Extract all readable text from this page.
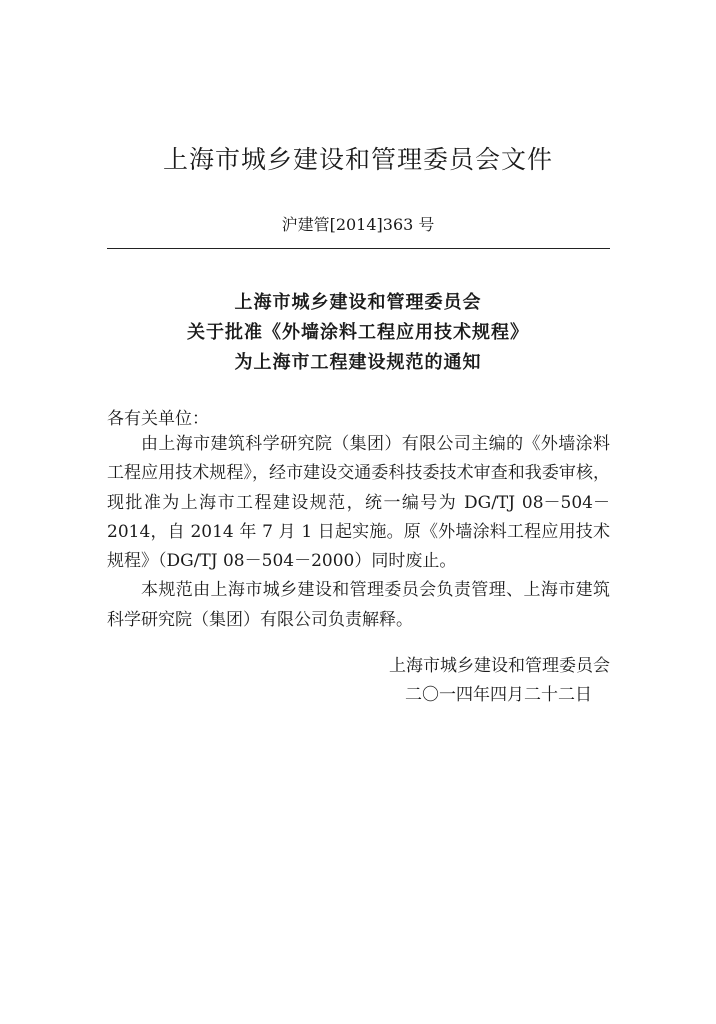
上海市城乡建设和管理委员会文件
沪建管[2014]363 号
上海市城乡建设和管理委员会
关于批准《外墙涂料工程应用技术规程》
为上海市工程建设规范的通知
各有关单位：

由上海市建筑科学研究院（集团）有限公司主编的《外墙涂料工程应用技术规程》，经市建设交通委科技委技术审查和我委审核，现批准为上海市工程建设规范，统一编号为 DG/TJ 08－504－2014，自 2014 年 7 月 1 日起实施。原《外墙涂料工程应用技术规程》（DG/TJ 08－504－2000）同时废止。

本规范由上海市城乡建设和管理委员会负责管理、上海市建筑科学研究院（集团）有限公司负责解释。

上海市城乡建设和管理委员会
二〇一四年四月二十二日
